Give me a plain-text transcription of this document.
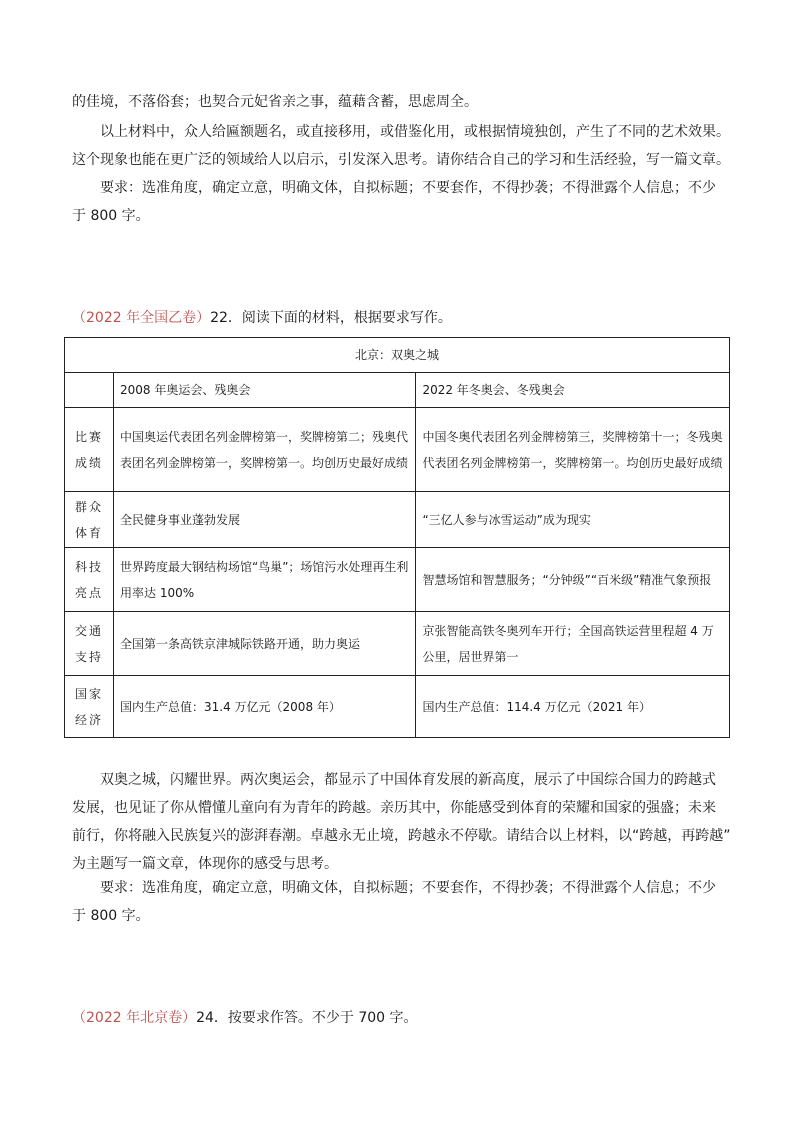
的佳境，不落俗套；也契合元妃省亲之事，蕴藉含蓄，思虑周全。

以上材料中，众人给匾额题名，或直接移用，或借鉴化用，或根据情境独创，产生了不同的艺术效果。

这个现象也能在更广泛的领域给人以启示，引发深入思考。请你结合自己的学习和生活经验，写一篇文章。

要求：选准角度，确定立意，明确文体，自拟标题；不要套作，不得抄袭；不得泄露个人信息；不少

于 800 字。

（2022 年全国乙卷）22．阅读下面的材料，根据要求写作。

北京：双奥之城		
	2008 年奥运会、残奥会	2022 年冬奥会、冬残奥会
比赛成绩	中国奥运代表团名列金牌榜第一，奖牌榜第二；残奥代表团名列金牌榜第一，奖牌榜第一。均创历史最好成绩	中国冬奥代表团名列金牌榜第三，奖牌榜第十一；冬残奥代表团名列金牌榜第一，奖牌榜第一。均创历史最好成绩
群众体育	全民健身事业蓬勃发展	“三亿人参与冰雪运动”成为现实
科技亮点	世界跨度最大钢结构场馆“鸟巢”；场馆污水处理再生利用率达 100%	智慧场馆和智慧服务；“分钟级”“百米级”精准气象预报
交通支持	全国第一条高铁京津城际铁路开通，助力奥运	京张智能高铁冬奥列车开行；全国高铁运营里程超 4 万公里，居世界第一
国家经济	国内生产总值：31.4 万亿元（2008 年）	国内生产总值：114.4 万亿元（2021 年）

双奥之城，闪耀世界。两次奥运会，都显示了中国体育发展的新高度，展示了中国综合国力的跨越式

发展，也见证了你从懵懂儿童向有为青年的跨越。亲历其中，你能感受到体育的荣耀和国家的强盛；未来

前行，你将融入民族复兴的澎湃春潮。卓越永无止境，跨越永不停歇。请结合以上材料，以“跨越，再跨越”

为主题写一篇文章，体现你的感受与思考。

要求：选准角度，确定立意，明确文体，自拟标题；不要套作，不得抄袭；不得泄露个人信息；不少

于 800 字。

（2022 年北京卷）24．按要求作答。不少于 700 字。
